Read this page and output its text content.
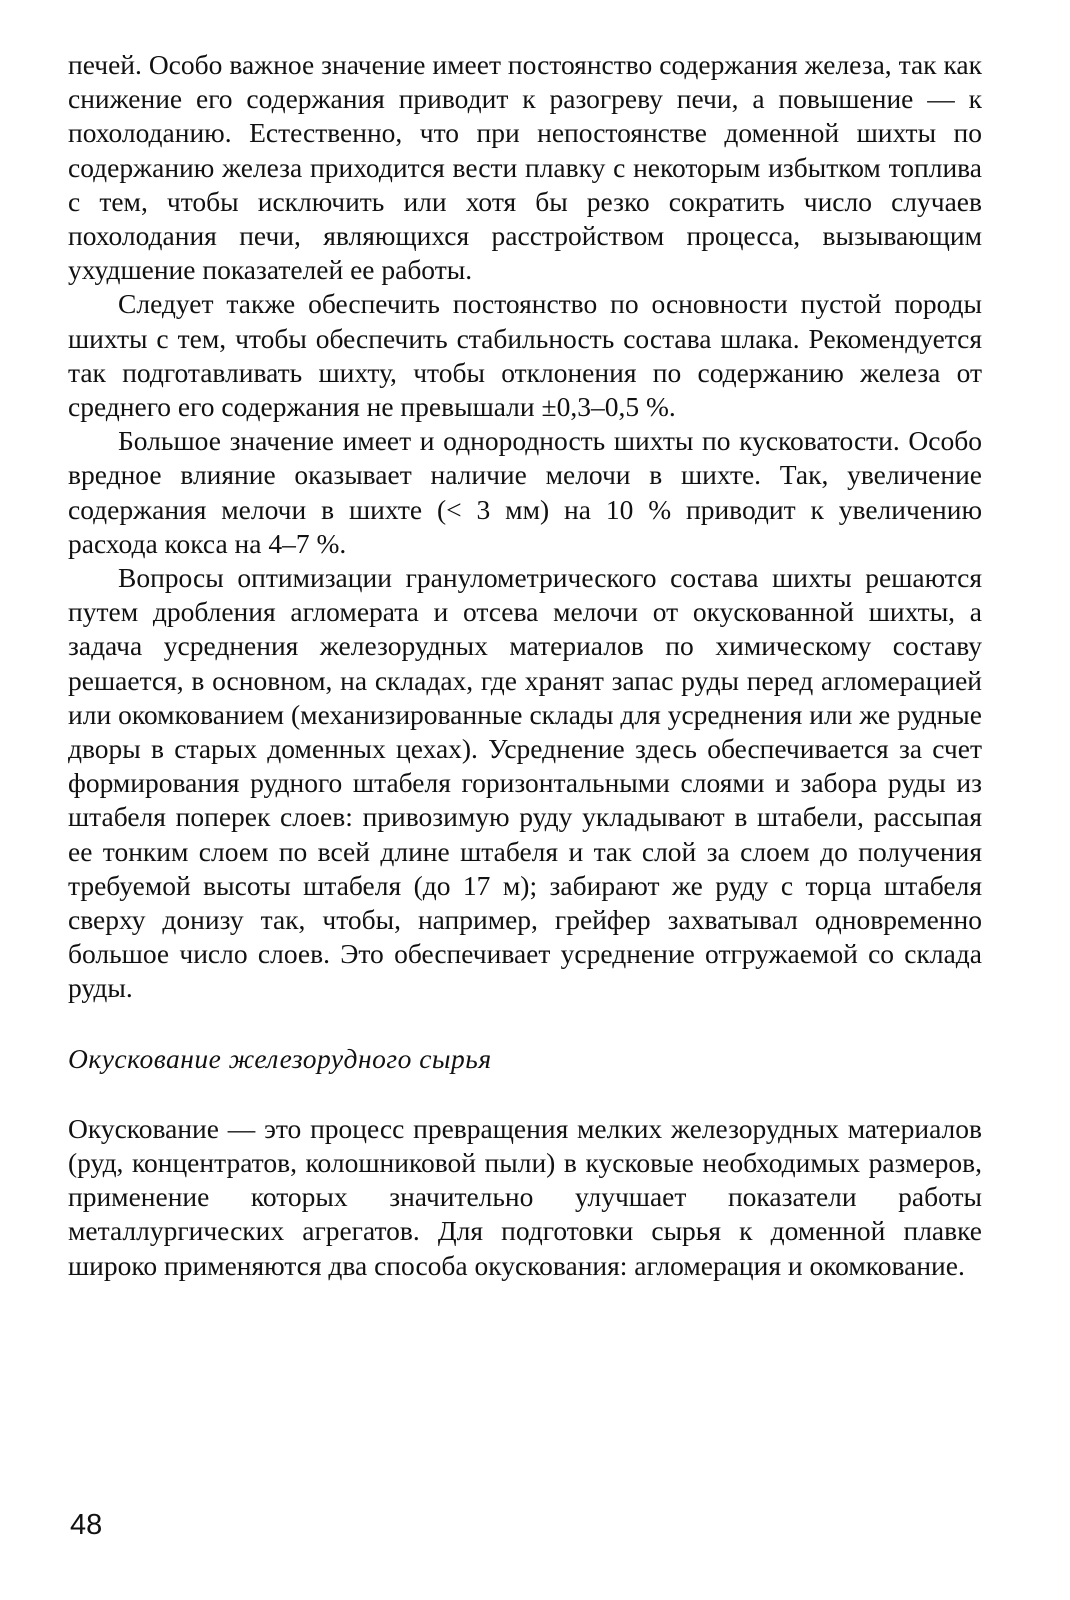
печей. Особо важное значение имеет постоянство содержания железа, так как снижение его содержания приводит к разогреву печи, а повышение — к похолоданию. Естественно, что при непостоянстве доменной шихты по содержанию железа приходится вести плавку с некоторым избытком топлива с тем, чтобы исключить или хотя бы резко сократить число случаев похолодания печи, являющихся расстройством процесса, вызывающим ухудшение показателей ее работы.

Следует также обеспечить постоянство по основности пустой породы шихты с тем, чтобы обеспечить стабильность состава шлака. Рекомендуется так подготавливать шихту, чтобы отклонения по содержанию железа от среднего его содержания не превышали ±0,3–0,5 %.

Большое значение имеет и однородность шихты по кусковатости. Особо вредное влияние оказывает наличие мелочи в шихте. Так, увеличение содержания мелочи в шихте (< 3 мм) на 10 % приводит к увеличению расхода кокса на 4–7 %.

Вопросы оптимизации гранулометрического состава шихты решаются путем дробления агломерата и отсева мелочи от окускованной шихты, а задача усреднения железорудных материалов по химическому составу решается, в основном, на складах, где хранят запас руды перед агломерацией или окомкованием (механизированные склады для усреднения или же рудные дворы в старых доменных цехах). Усреднение здесь обеспечивается за счет формирования рудного штабеля горизонтальными слоями и забора руды из штабеля поперек слоев: привозимую руду укладывают в штабели, рассыпая ее тонким слоем по всей длине штабеля и так слой за слоем до получения требуемой высоты штабеля (до 17 м); забирают же руду с торца штабеля сверху донизу так, чтобы, например, грейфер захватывал одновременно большое число слоев. Это обеспечивает усреднение отгружаемой со склада руды.

Окускование железорудного сырья

Окускование — это процесс превращения мелких железорудных материалов (руд, концентратов, колошниковой пыли) в кусковые необходимых размеров, применение которых значительно улучшает показатели работы металлургических агрегатов. Для подготовки сырья к доменной плавке широко применяются два способа окускования: агломерация и окомкование.

48
